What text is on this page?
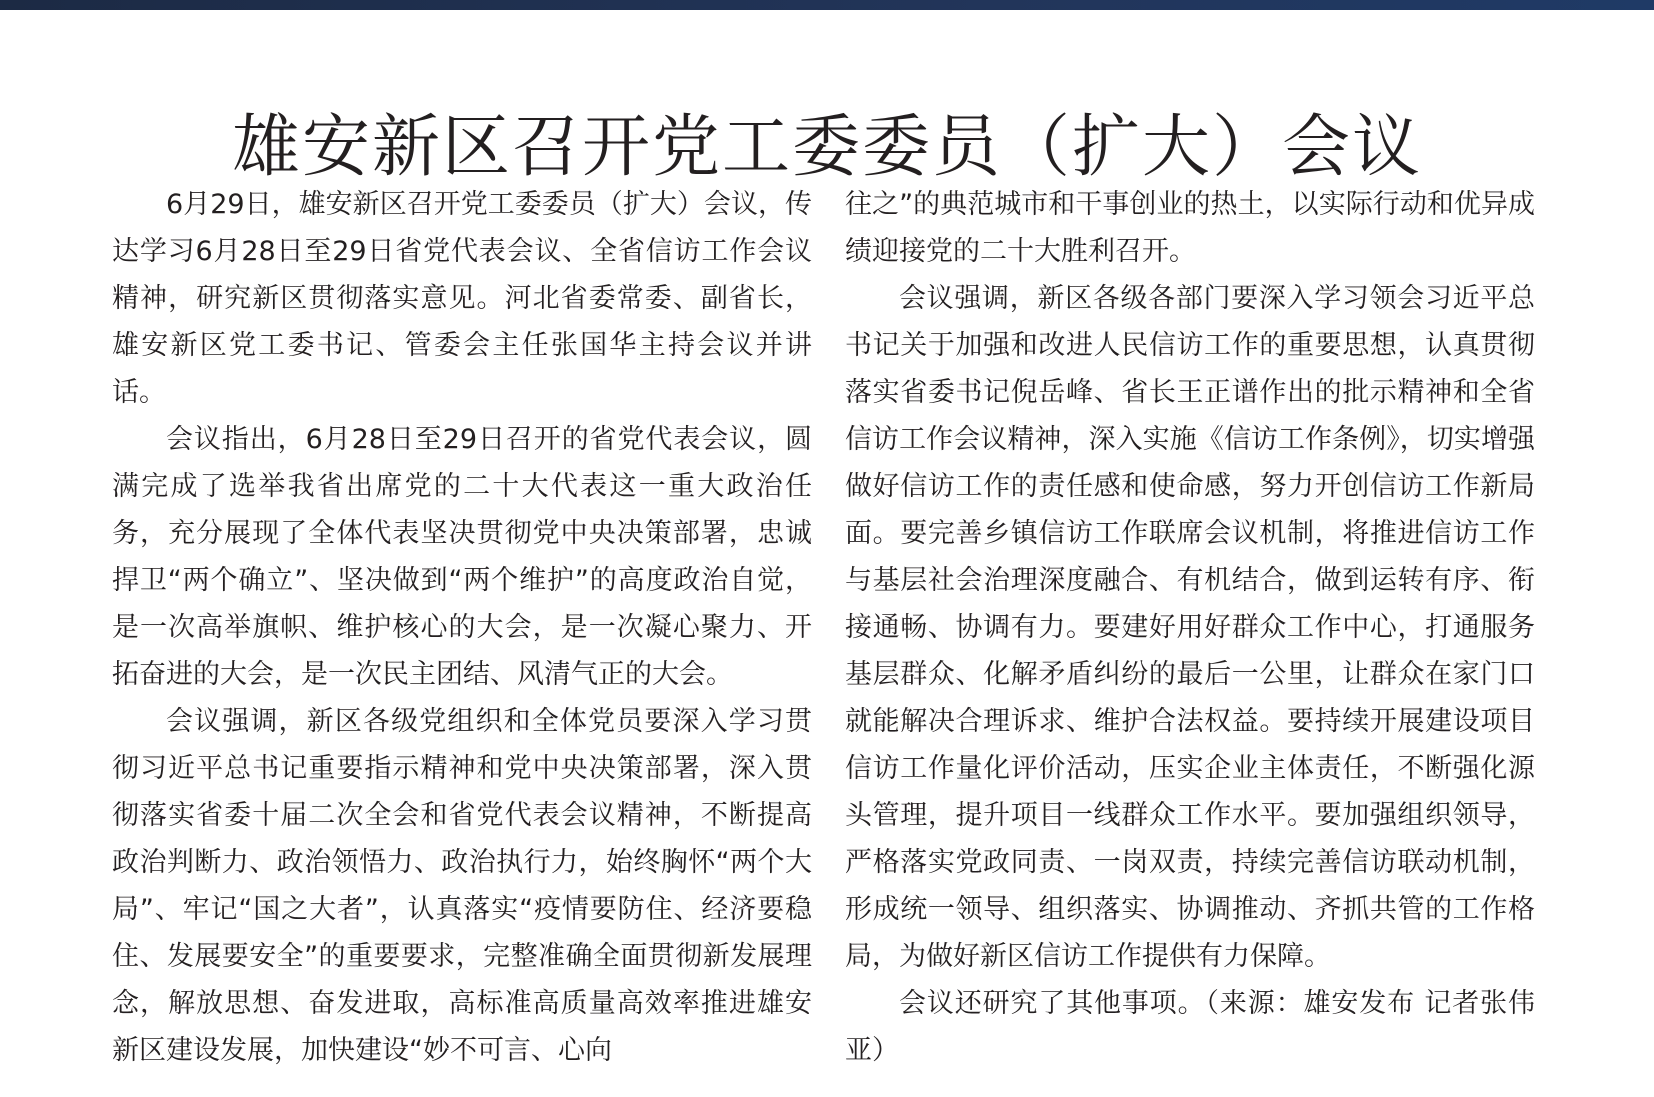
雄安新区召开党工委委员（扩大）会议

6月29日，雄安新区召开党工委委员（扩大）会议，传达学习6月28日至29日省党代表会议、全省信访工作会议精神，研究新区贯彻落实意见。河北省委常委、副省长，雄安新区党工委书记、管委会主任张国华主持会议并讲话。

会议指出，6月28日至29日召开的省党代表会议，圆满完成了选举我省出席党的二十大代表这一重大政治任务，充分展现了全体代表坚决贯彻党中央决策部署，忠诚捍卫“两个确立”、坚决做到“两个维护”的高度政治自觉，是一次高举旗帜、维护核心的大会，是一次凝心聚力、开拓奋进的大会，是一次民主团结、风清气正的大会。

会议强调，新区各级党组织和全体党员要深入学习贯彻习近平总书记重要指示精神和党中央决策部署，深入贯彻落实省委十届二次全会和省党代表会议精神，不断提高政治判断力、政治领悟力、政治执行力，始终胸怀“两个大局”、牢记“国之大者”，认真落实“疫情要防住、经济要稳住、发展要安全”的重要要求，完整准确全面贯彻新发展理念，解放思想、奋发进取，高标准高质量高效率推进雄安新区建设发展，加快建设“妙不可言、心向

往之”的典范城市和干事创业的热土，以实际行动和优异成绩迎接党的二十大胜利召开。

会议强调，新区各级各部门要深入学习领会习近平总书记关于加强和改进人民信访工作的重要思想，认真贯彻落实省委书记倪岳峰、省长王正谱作出的批示精神和全省信访工作会议精神，深入实施《信访工作条例》，切实增强做好信访工作的责任感和使命感，努力开创信访工作新局面。要完善乡镇信访工作联席会议机制，将推进信访工作与基层社会治理深度融合、有机结合，做到运转有序、衔接通畅、协调有力。要建好用好群众工作中心，打通服务基层群众、化解矛盾纠纷的最后一公里，让群众在家门口就能解决合理诉求、维护合法权益。要持续开展建设项目信访工作量化评价活动，压实企业主体责任，不断强化源头管理，提升项目一线群众工作水平。要加强组织领导，严格落实党政同责、一岗双责，持续完善信访联动机制，形成统一领导、组织落实、协调推动、齐抓共管的工作格局，为做好新区信访工作提供有力保障。

会议还研究了其他事项。（来源：雄安发布 记者张伟亚）
